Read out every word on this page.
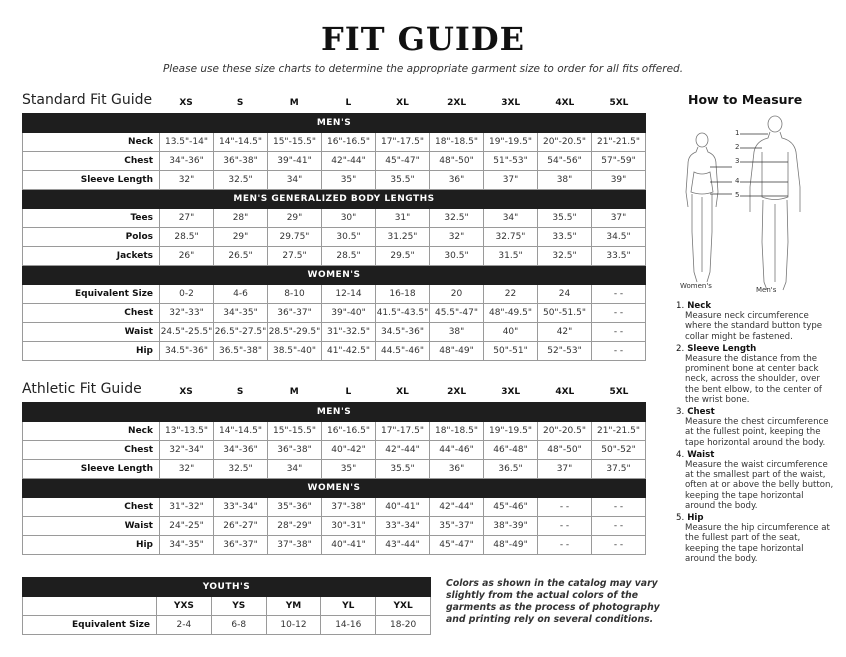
FIT GUIDE
Please use these size charts to determine the appropriate garment size to order for all fits offered.
Standard Fit Guide	XS	S	M	L	XL	2XL	3XL	4XL	5XL
MEN'S									
Neck	13.5"-14"	14"-14.5"	15"-15.5"	16"-16.5"	17"-17.5"	18"-18.5"	19"-19.5"	20"-20.5"	21"-21.5"
Chest	34"-36"	36"-38"	39"-41"	42"-44"	45"-47"	48"-50"	51"-53"	54"-56"	57"-59"
Sleeve Length	32"	32.5"	34"	35"	35.5"	36"	37"	38"	39"
MEN'S GENERALIZED BODY LENGTHS									
Tees	27"	28"	29"	30"	31"	32.5"	34"	35.5"	37"
Polos	28.5"	29"	29.75"	30.5"	31.25"	32"	32.75"	33.5"	34.5"
Jackets	26"	26.5"	27.5"	28.5"	29.5"	30.5"	31.5"	32.5"	33.5"
WOMEN'S									
Equivalent Size	0-2	4-6	8-10	12-14	16-18	20	22	24	- -
Chest	32"-33"	34"-35"	36"-37"	39"-40"	41.5"-43.5"	45.5"-47"	48"-49.5"	50"-51.5"	- -
Waist	24.5"-25.5"	26.5"-27.5"	28.5"-29.5"	31"-32.5"	34.5"-36"	38"	40"	42"	- -
Hip	34.5"-36"	36.5"-38"	38.5"-40"	41"-42.5"	44.5"-46"	48"-49"	50"-51"	52"-53"	- -
Athletic Fit Guide	XS	S	M	L	XL	2XL	3XL	4XL	5XL
MEN'S									
Neck	13"-13.5"	14"-14.5"	15"-15.5"	16"-16.5"	17"-17.5"	18"-18.5"	19"-19.5"	20"-20.5"	21"-21.5"
Chest	32"-34"	34"-36"	36"-38"	40"-42"	42"-44"	44"-46"	46"-48"	48"-50"	50"-52"
Sleeve Length	32"	32.5"	34"	35"	35.5"	36"	36.5"	37"	37.5"
WOMEN'S									
Chest	31"-32"	33"-34"	35"-36"	37"-38"	40"-41"	42"-44"	45"-46"	- -	- -
Waist	24"-25"	26"-27"	28"-29"	30"-31"	33"-34"	35"-37"	38"-39"	- -	- -
Hip	34"-35"	36"-37"	37"-38"	40"-41"	43"-44"	45"-47"	48"-49"	- -	- -
YOUTH'S					
	YXS	YS	YM	YL	YXL
Equivalent Size	2-4	6-8	10-12	14-16	18-20
Colors as shown in the catalog may vary slightly from the actual colors of the garments as the process of photography and printing rely on several conditions.
How to Measure
1
2
3
4
5
Women's	Men's
1. Neck
Measure neck circumference where the standard button type collar might be fastened.
2. Sleeve Length
Measure the distance from the prominent bone at center back neck, across the shoulder, over the bent elbow, to the center of the wrist bone.
3. Chest
Measure the chest circumference at the fullest point, keeping the tape horizontal around the body.
4. Waist
Measure the waist circumference at the smallest part of the waist, often at or above the belly button, keeping the tape horizontal around the body.
5. Hip
Measure the hip circumference at the fullest part of the seat, keeping the tape horizontal around the body.
